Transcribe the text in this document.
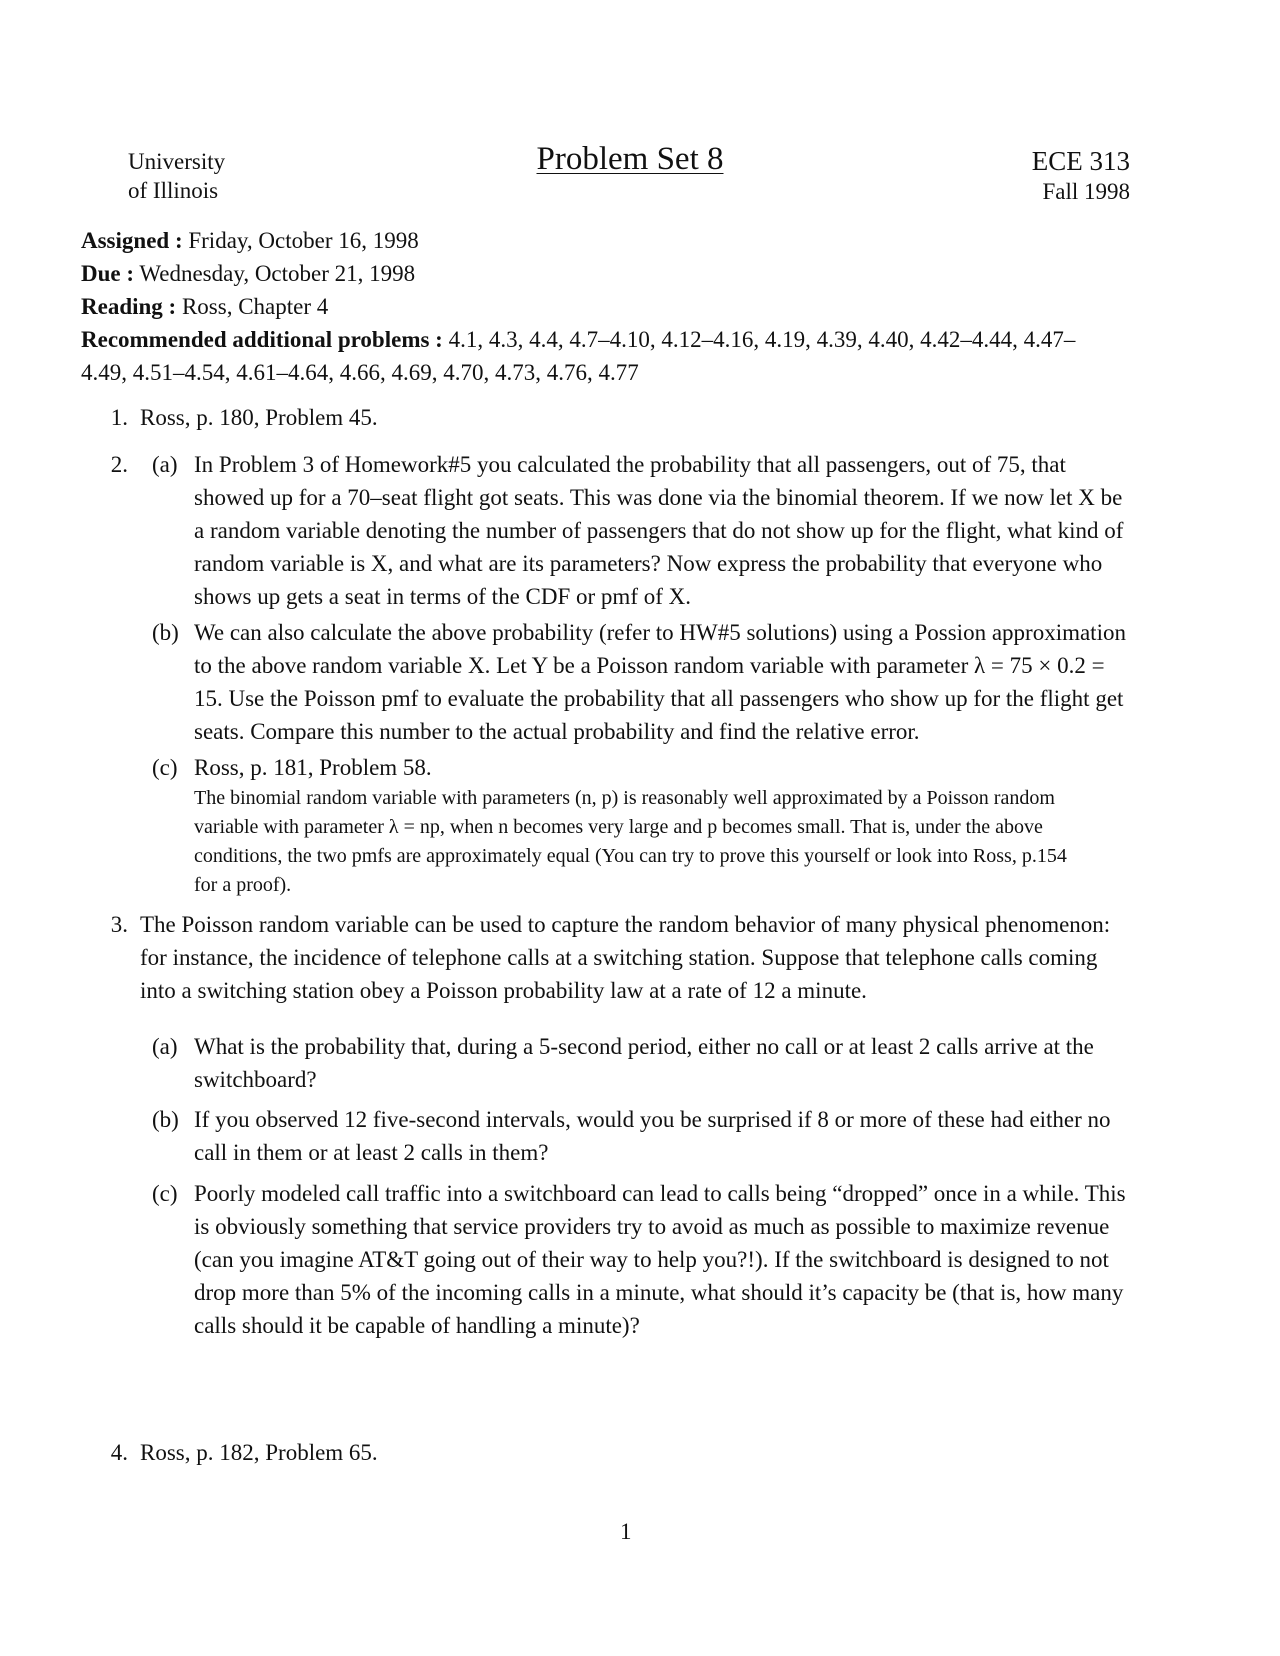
University
of Illinois
Problem Set 8	ECE 313
Fall 1998

Assigned : Friday, October 16, 1998

Due : Wednesday, October 21, 1998

Reading : Ross, Chapter 4

Recommended additional problems : 4.1, 4.3, 4.4, 4.7–4.10, 4.12–4.16, 4.19, 4.39, 4.40, 4.42–4.44, 4.47–

4.49, 4.51–4.54, 4.61–4.64, 4.66, 4.69, 4.70, 4.73, 4.76, 4.77

1. Ross, p. 180, Problem 45.
2. (a) In Problem 3 of Homework#5 you calculated the probability that all passengers, out of 75, that
showed up for a 70–seat flight got seats. This was done via the binomial theorem. If we now let X be
a random variable denoting the number of passengers that do not show up for the flight, what kind of
random variable is X, and what are its parameters? Now express the probability that everyone who
shows up gets a seat in terms of the CDF or pmf of X.
(b) We can also calculate the above probability (refer to HW#5 solutions) using a Possion approximation
to the above random variable X. Let Y be a Poisson random variable with parameter λ = 75 × 0.2 =
15. Use the Poisson pmf to evaluate the probability that all passengers who show up for the flight get
seats. Compare this number to the actual probability and find the relative error.
(c) Ross, p. 181, Problem 58.
The binomial random variable with parameters (n, p) is reasonably well approximated by a Poisson random
variable with parameter λ = np, when n becomes very large and p becomes small. That is, under the above
conditions, the two pmfs are approximately equal (You can try to prove this yourself or look into Ross, p.154
for a proof).
3. The Poisson random variable can be used to capture the random behavior of many physical phenomenon:
for instance, the incidence of telephone calls at a switching station. Suppose that telephone calls coming
into a switching station obey a Poisson probability law at a rate of 12 a minute.
(a) What is the probability that, during a 5-second period, either no call or at least 2 calls arrive at the
switchboard?
(b) If you observed 12 five-second intervals, would you be surprised if 8 or more of these had either no
call in them or at least 2 calls in them?
(c) Poorly modeled call traffic into a switchboard can lead to calls being “dropped” once in a while. This
is obviously something that service providers try to avoid as much as possible to maximize revenue
(can you imagine AT&T going out of their way to help you?!). If the switchboard is designed to not
drop more than 5% of the incoming calls in a minute, what should it’s capacity be (that is, how many
calls should it be capable of handling a minute)?
4. Ross, p. 182, Problem 65.
1
